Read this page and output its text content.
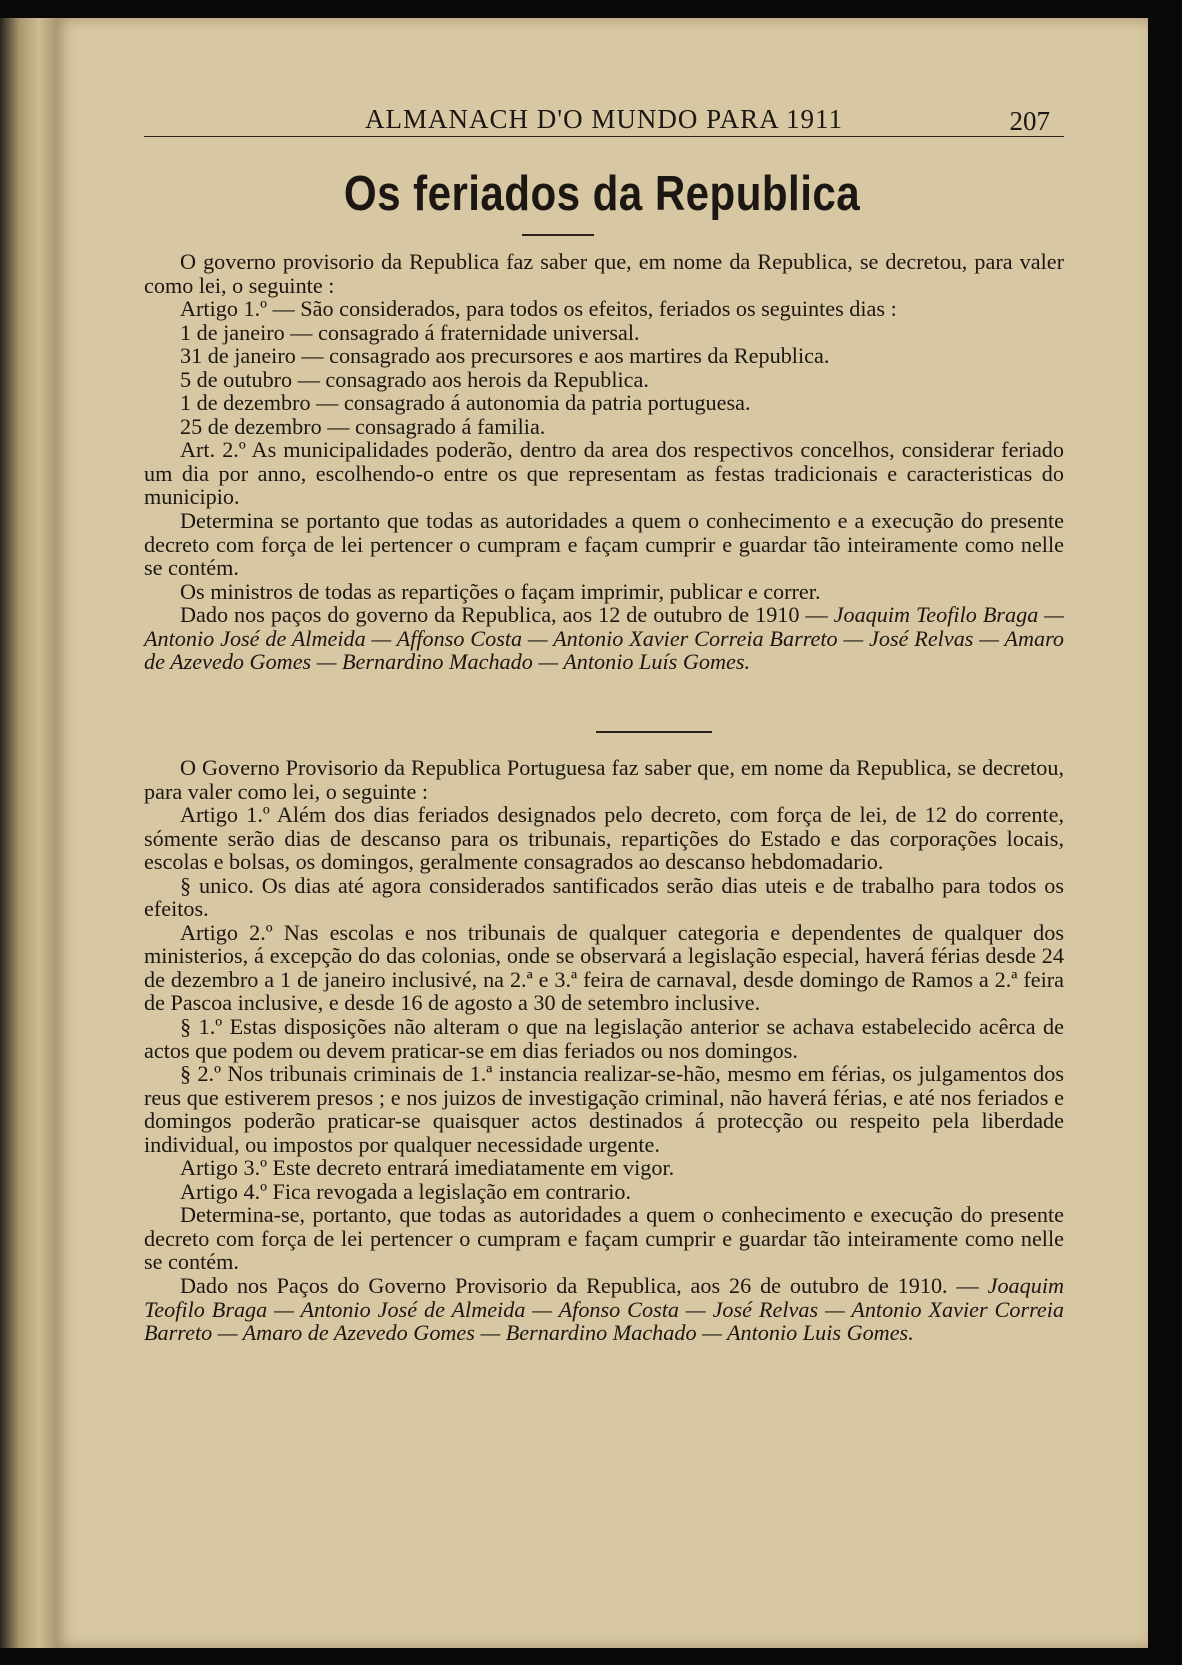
ALMANACH D'O MUNDO PARA 1911	207
Os feriados da Republica

O governo provisorio da Republica faz saber que, em nome da Republica, se decretou, para valer como lei, o seguinte :

Artigo 1.º — São considerados, para todos os efeitos, feriados os seguintes dias :

1 de janeiro — consagrado á fraternidade universal.

31 de janeiro — consagrado aos precursores e aos martires da Republica.

5 de outubro — consagrado aos herois da Republica.

1 de dezembro — consagrado á autonomia da patria portuguesa.

25 de dezembro — consagrado á familia.

Art. 2.º As municipalidades poderão, dentro da area dos respectivos concelhos, considerar feriado um dia por anno, escolhendo-o entre os que representam as festas tradicionais e caracteristicas do municipio.

Determina se portanto que todas as autoridades a quem o conhecimento e a execução do presente decreto com força de lei pertencer o cumpram e façam cumprir e guardar tão inteiramente como nelle se contém.

Os ministros de todas as repartições o façam imprimir, publicar e correr.

Dado nos paços do governo da Republica, aos 12 de outubro de 1910 — Joaquim Teofilo Braga — Antonio José de Almeida — Affonso Costa — Antonio Xavier Correia Barreto — José Relvas — Amaro de Azevedo Gomes — Bernardino Machado — Antonio Luís Gomes.

O Governo Provisorio da Republica Portuguesa faz saber que, em nome da Republica, se decretou, para valer como lei, o seguinte :

Artigo 1.º Além dos dias feriados designados pelo decreto, com força de lei, de 12 do corrente, sómente serão dias de descanso para os tribunais, repartições do Estado e das corporações locais, escolas e bolsas, os domingos, geralmente consagrados ao descanso hebdomadario.

§ unico. Os dias até agora considerados santificados serão dias uteis e de trabalho para todos os efeitos.

Artigo 2.º Nas escolas e nos tribunais de qualquer categoria e dependentes de qualquer dos ministerios, á excepção do das colonias, onde se observará a legislação especial, haverá férias desde 24 de dezembro a 1 de janeiro inclusivé, na 2.ª e 3.ª feira de carnaval, desde domingo de Ramos a 2.ª feira de Pascoa inclusive, e desde 16 de agosto a 30 de setembro inclusive.

§ 1.º Estas disposições não alteram o que na legislação anterior se achava estabelecido acêrca de actos que podem ou devem praticar-se em dias feriados ou nos domingos.

§ 2.º Nos tribunais criminais de 1.ª instancia realizar-se-hão, mesmo em férias, os julgamentos dos reus que estiverem presos ; e nos juizos de investigação criminal, não haverá férias, e até nos feriados e domingos poderão praticar-se quaisquer actos destinados á protecção ou respeito pela liberdade individual, ou impostos por qualquer necessidade urgente.

Artigo 3.º Este decreto entrará imediatamente em vigor.

Artigo 4.º Fica revogada a legislação em contrario.

Determina-se, portanto, que todas as autoridades a quem o conhecimento e execução do presente decreto com força de lei pertencer o cumpram e façam cumprir e guardar tão inteiramente como nelle se contém.

Dado nos Paços do Governo Provisorio da Republica, aos 26 de outubro de 1910. — Joaquim Teofilo Braga — Antonio José de Almeida — Afonso Costa — José Relvas — Antonio Xavier Correia Barreto — Amaro de Azevedo Gomes — Bernardino Machado — Antonio Luis Gomes.
